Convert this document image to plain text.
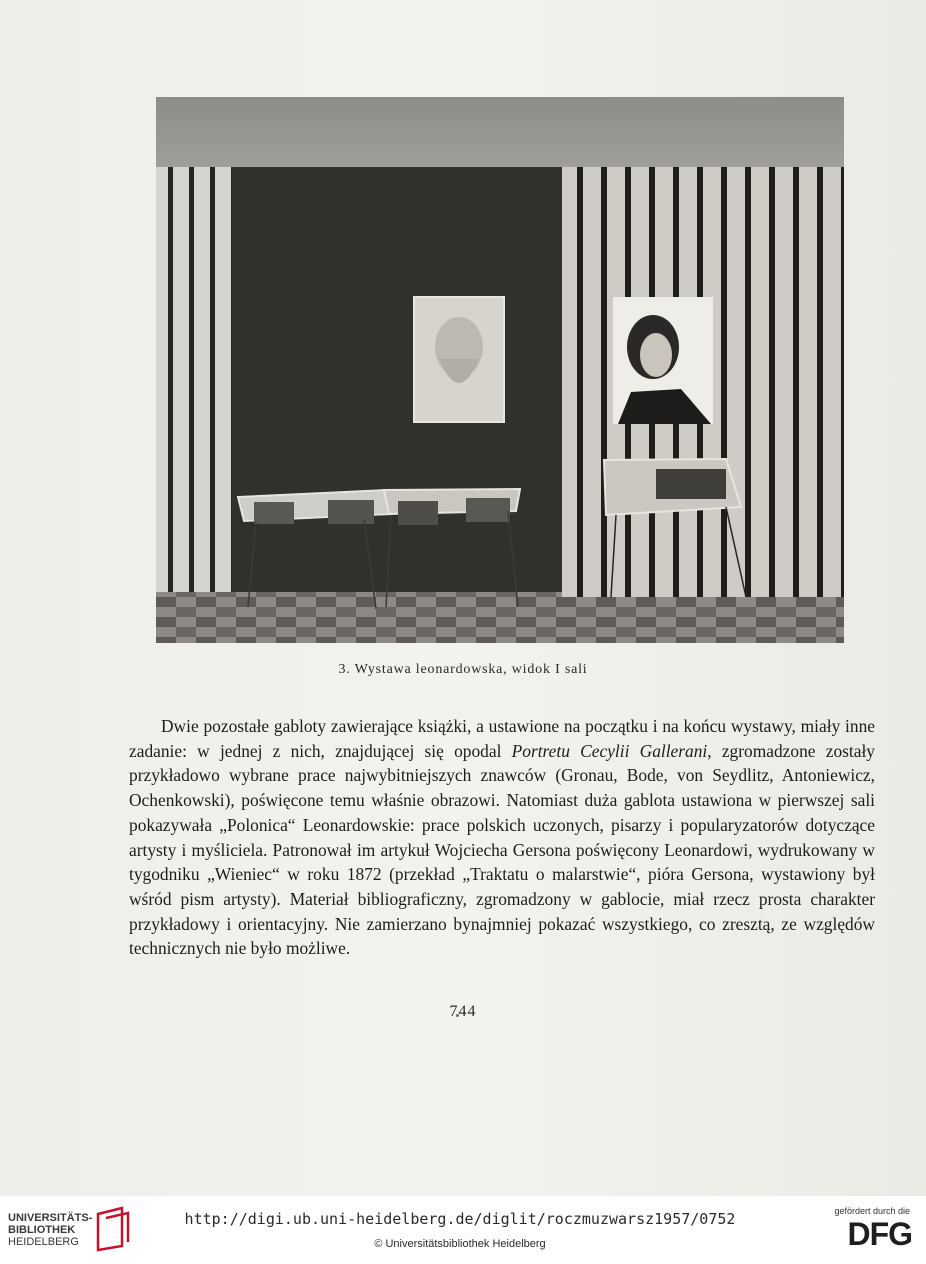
3. Wystawa leonardowska, widok I sali

Dwie pozostałe gabloty zawierające książki, a ustawione na początku i na końcu wystawy, miały inne zadanie: w jednej z nich, znajdującej się opodal Portretu Cecylii Gallerani, zgromadzone zostały przykładowo wybrane prace najwybitniejszych znawców (Gronau, Bode, von Seydlitz, Antoniewicz, Ochenkowski), poświęcone temu właśnie obrazowi. Natomiast duża gablota ustawiona w pierwszej sali pokazywała „Polonica“ Leonardowskie: prace polskich uczonych, pisarzy i popularyzatorów dotyczące artysty i myśliciela. Patronował im artykuł Wojciecha Gersona poświęcony Leonardowi, wydrukowany w tygodniku „Wieniec“ w roku 1872 (przekład „Traktatu o malarstwie“, pióra Gersona, wystawiony był wśród pism artysty). Materiał bibliograficzny, zgromadzony w gablocie, miał rzecz prosta charakter przykładowy i orientacyjny. Nie zamierzano bynajmniej pokazać wszystkiego, co zresztą, ze względów technicznych nie było możliwe.

744

UNIVERSITÄTS-
BIBLIOTHEK
HEIDELBERG

http://digi.ub.uni-heidelberg.de/diglit/roczmuzwarsz1957/0752

© Universitätsbibliothek Heidelberg

gefördert durch die

DFG
